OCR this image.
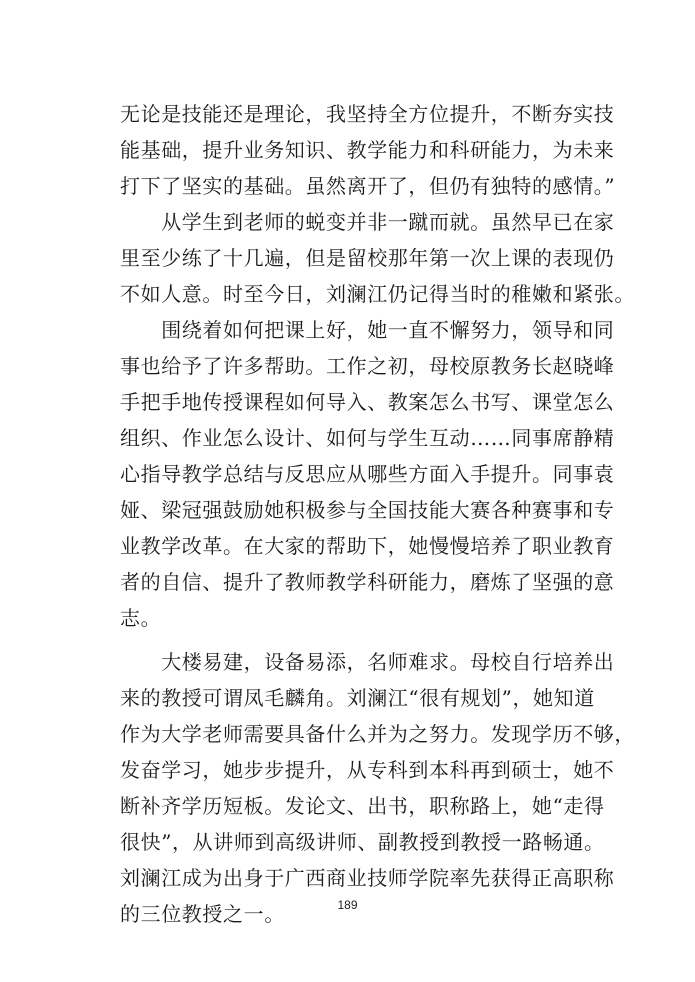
无论是技能还是理论，我坚持全方位提升，不断夯实技
能基础，提升业务知识、教学能力和科研能力，为未来
打下了坚实的基础。虽然离开了，但仍有独特的感情。”
　　从学生到老师的蜕变并非一蹴而就。虽然早已在家
里至少练了十几遍，但是留校那年第一次上课的表现仍
不如人意。时至今日，刘澜江仍记得当时的稚嫩和紧张。
　　围绕着如何把课上好，她一直不懈努力，领导和同
事也给予了许多帮助。工作之初，母校原教务长赵晓峰
手把手地传授课程如何导入、教案怎么书写、课堂怎么
组织、作业怎么设计、如何与学生互动……同事席静精
心指导教学总结与反思应从哪些方面入手提升。同事袁
娅、梁冠强鼓励她积极参与全国技能大赛各种赛事和专
业教学改革。在大家的帮助下，她慢慢培养了职业教育
者的自信、提升了教师教学科研能力，磨炼了坚强的意
志。
　　大楼易建，设备易添，名师难求。母校自行培养出
来的教授可谓凤毛麟角。刘澜江“很有规划”，她知道
作为大学老师需要具备什么并为之努力。发现学历不够，
发奋学习，她步步提升，从专科到本科再到硕士，她不
断补齐学历短板。发论文、出书，职称路上，她“走得
很快”，从讲师到高级讲师、副教授到教授一路畅通。
刘澜江成为出身于广西商业技师学院率先获得正高职称
的三位教授之一。	189
